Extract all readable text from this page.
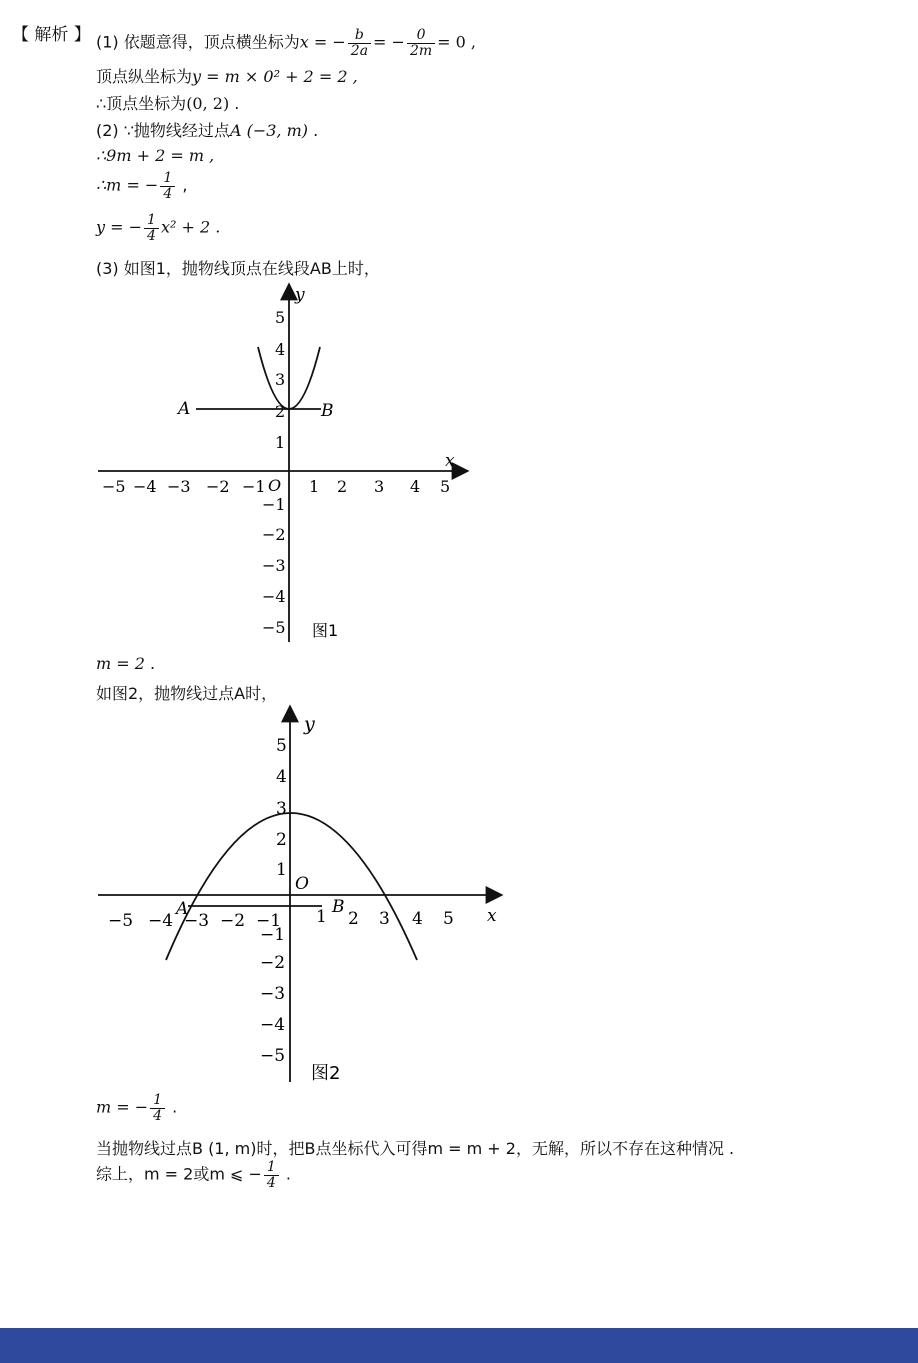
【 解析 】 (1) 依题意得，顶点横坐标为x = − $\frac{b}{2a}$ = − $\frac{0}{2m} = 0$ ,
顶点纵坐标为y = m × 0² + 2 = 2 ,
∴顶点坐标为(0, 2) .
(2) ∵抛物线经过点A (−3, m) .
∴9m + 2 = m ,
∴m = − $\frac{1}{4}$ ,
y = − $\frac{1}{4} x^2 + 2$ .
(3) 如图1，抛物线顶点在线段AB上时，
x
y
O
−5 −4 −3 −2 −1	1 2 3 4 5
1
2
3
4
5
−1
−2
−3
−4
−5
A	B
图1
m = 2 .
如图2，抛物线过点A时，
x
y
O
−5 −4 −3 −2 −1 1 2 3 4 5
1
2
3
4
5
−1
−2
−3
−4
−5
A	B
图2
m = − $\frac{1}{4}$ .
当抛物线过点B (1, m)时，把B点坐标代入可得m = m + 2，无解，所以不存在这种情况 .
综上，m = 2或m ⩽ − $\frac{1}{4}$ .
